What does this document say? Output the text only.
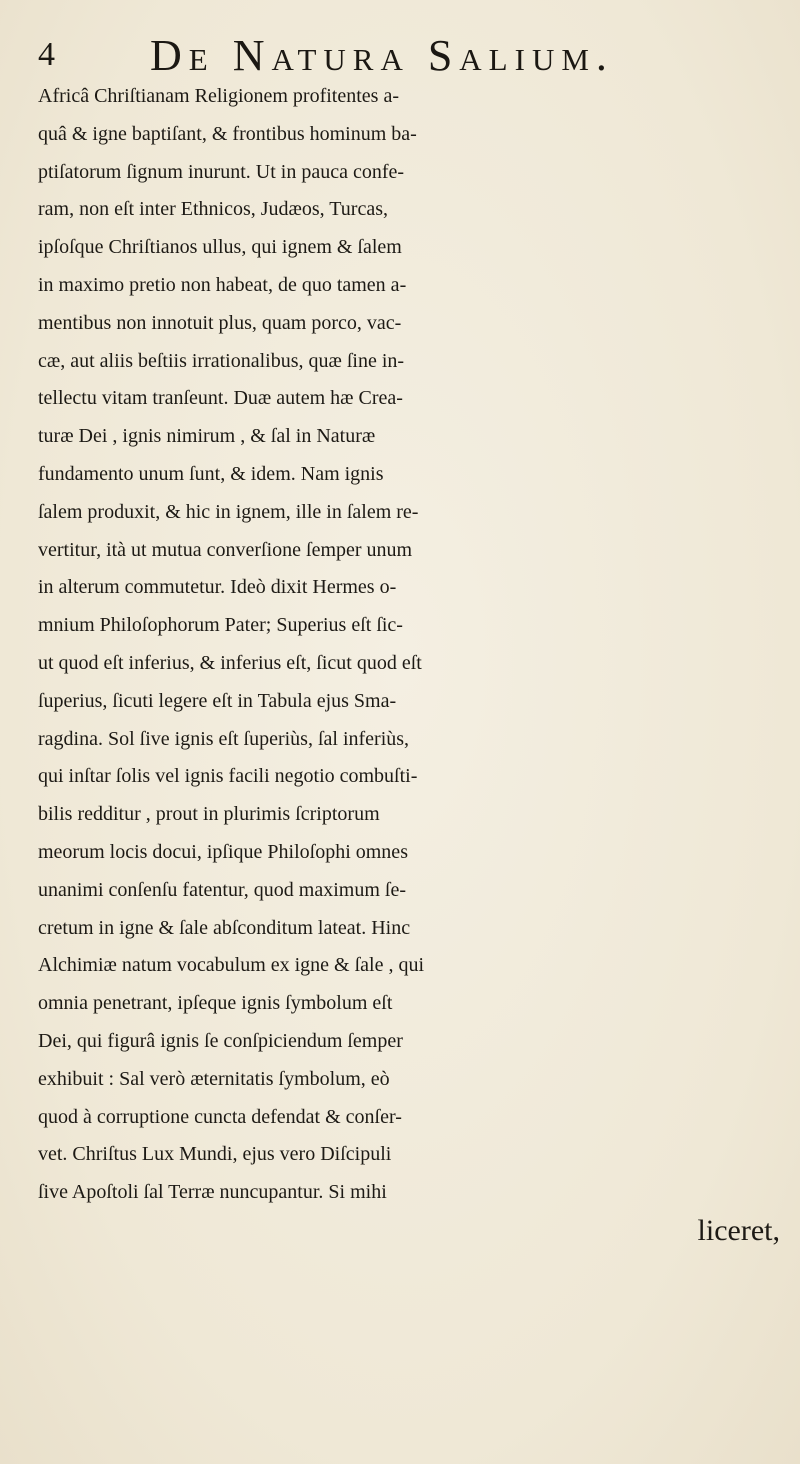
4 De Natura Salium.
Africâ Chriſtianam Religionem profitentes a-
quâ & igne baptiſant, & frontibus hominum ba-
ptiſatorum ſignum inurunt. Ut in pauca confe-
ram, non eſt inter Ethnicos, Judæos, Turcas,
ipſoſque Chriſtianos ullus, qui ignem & ſalem
in maximo pretio non habeat, de quo tamen a-
mentibus non innotuit plus, quam porco, vac-
cæ, aut aliis beſtiis irrationalibus, quæ ſine in-
tellectu vitam tranſeunt. Duæ autem hæ Crea-
turæ Dei , ignis nimirum , & ſal in Naturæ
fundamento unum ſunt, & idem. Nam ignis
ſalem produxit, & hic in ignem, ille in ſalem re-
vertitur, ità ut mutua converſione ſemper unum
in alterum commutetur. Ideò dixit Hermes o-
mnium Philoſophorum Pater; Superius eſt ſic-
ut quod eſt inferius, & inferius eſt, ſicut quod eſt
ſuperius, ſicuti legere eſt in Tabula ejus Sma-
ragdina. Sol ſive ignis eſt ſuperiùs, ſal inferiùs,
qui inſtar ſolis vel ignis facili negotio combuſti-
bilis redditur , prout in plurimis ſcriptorum
meorum locis docui, ipſique Philoſophi omnes
unanimi conſenſu fatentur, quod maximum ſe-
cretum in igne & ſale abſconditum lateat. Hinc
Alchimiæ natum vocabulum ex igne & ſale , qui
omnia penetrant, ipſeque ignis ſymbolum eſt
Dei, qui figurâ ignis ſe conſpiciendum ſemper
exhibuit : Sal verò æternitatis ſymbolum, eò
quod à corruptione cuncta defendat & conſer-
vet. Chriſtus Lux Mundi, ejus vero Diſcipuli
ſive Apoſtoli ſal Terræ nuncupantur. Si mihi
liceret,
